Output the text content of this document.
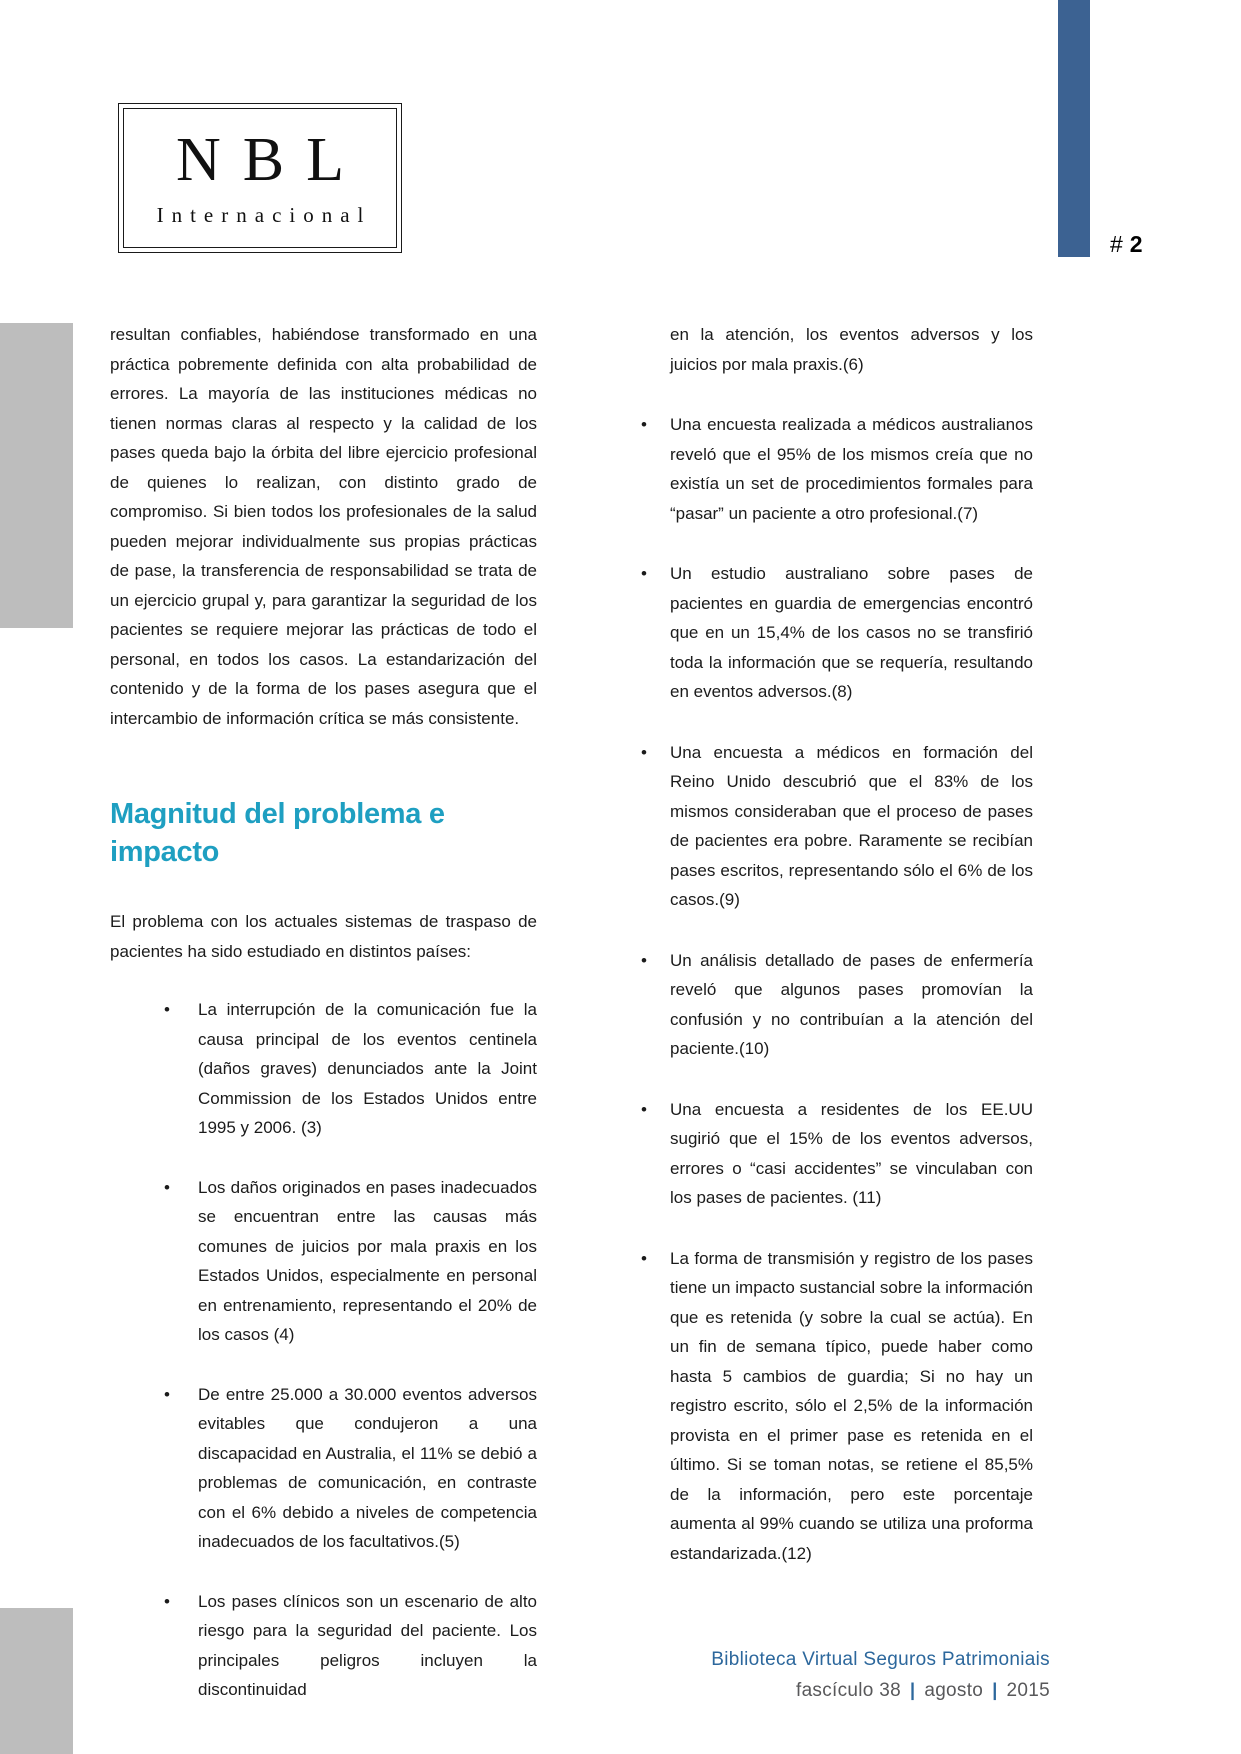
NBL
Internacional
# 2

resultan confiables, habiéndose transformado en una práctica pobremente definida con alta probabilidad de errores. La mayoría de las instituciones médicas no tienen normas claras al respecto y la calidad de los pases queda bajo la órbita del libre ejercicio profesional de quienes lo realizan, con distinto grado de compromiso. Si bien todos los profesionales de la salud pueden mejorar individualmente sus propias prácticas de pase, la transferencia de responsabilidad se trata de un ejercicio grupal y, para garantizar la seguridad de los pacientes se requiere mejorar las prácticas de todo el personal, en todos los casos. La estandarización del contenido y de la forma de los pases asegura que el intercambio de información crítica se más consistente.

Magnitud del problema e impacto

El problema con los actuales sistemas de traspaso de pacientes ha sido estudiado en distintos países:

• La interrupción de la comunicación fue la causa principal de los eventos centinela (daños graves) denunciados ante la Joint Commission de los Estados Unidos entre 1995 y 2006. (3)
• Los daños originados en pases inadecuados se encuentran entre las causas más comunes de juicios por mala praxis en los Estados Unidos, especialmente en personal en entrenamiento, representando el 20% de los casos (4)
• De entre 25.000 a 30.000 eventos adversos evitables que condujeron a una discapacidad en Australia, el 11% se debió a problemas de comunicación, en contraste con el 6% debido a niveles de competencia inadecuados de los facultativos.(5)
• Los pases clínicos son un escenario de alto riesgo para la seguridad del paciente. Los principales peligros incluyen la discontinuidad

en la atención, los eventos adversos y los juicios por mala praxis.(6)

• Una encuesta realizada a médicos australianos reveló que el 95% de los mismos creía que no existía un set de procedimientos formales para “pasar” un paciente a otro profesional.(7)
• Un estudio australiano sobre pases de pacientes en guardia de emergencias encontró que en un 15,4% de los casos no se transfirió toda la información que se requería, resultando en eventos adversos.(8)
• Una encuesta a médicos en formación del Reino Unido descubrió que el 83% de los mismos consideraban que el proceso de pases de pacientes era pobre. Raramente se recibían pases escritos, representando sólo el 6% de los casos.(9)
• Un análisis detallado de pases de enfermería reveló que algunos pases promovían la confusión y no contribuían a la atención del paciente.(10)
• Una encuesta a residentes de los EE.UU sugirió que el 15% de los eventos adversos, errores o “casi accidentes” se vinculaban con los pases de pacientes. (11)
• La forma de transmisión y registro de los pases tiene un impacto sustancial sobre la información que es retenida (y sobre la cual se actúa). En un fin de semana típico, puede haber como hasta 5 cambios de guardia; Si no hay un registro escrito, sólo el 2,5% de la información provista en el primer pase es retenida en el último. Si se toman notas, se retiene el 85,5% de la información, pero este porcentaje aumenta al 99% cuando se utiliza una proforma estandarizada.(12)
Biblioteca Virtual Seguros Patrimoniais
fascículo 38 | agosto | 2015
